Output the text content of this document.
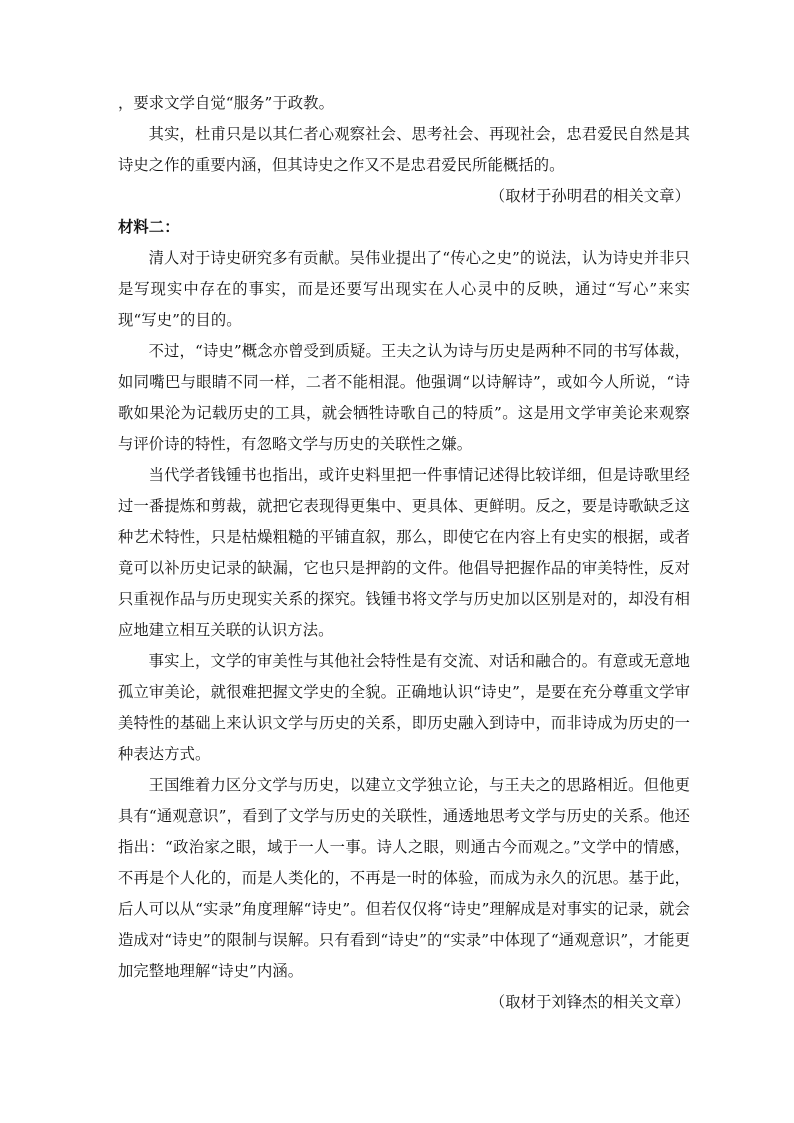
，要求文学自觉“服务”于政教。

其实，杜甫只是以其仁者心观察社会、思考社会、再现社会，忠君爱民自然是其诗史之作的重要内涵，但其诗史之作又不是忠君爱民所能概括的。

（取材于孙明君的相关文章）

材料二：

清人对于诗史研究多有贡献。吴伟业提出了“传心之史”的说法，认为诗史并非只是写现实中存在的事实，而是还要写出现实在人心灵中的反映，通过“写心”来实现“写史”的目的。

不过，“诗史”概念亦曾受到质疑。王夫之认为诗与历史是两种不同的书写体裁，如同嘴巴与眼睛不同一样，二者不能相混。他强调“以诗解诗”，或如今人所说，“诗歌如果沦为记载历史的工具，就会牺牲诗歌自己的特质”。这是用文学审美论来观察与评价诗的特性，有忽略文学与历史的关联性之嫌。

当代学者钱锺书也指出，或许史料里把一件事情记述得比较详细，但是诗歌里经过一番提炼和剪裁，就把它表现得更集中、更具体、更鲜明。反之，要是诗歌缺乏这种艺术特性，只是枯燥粗糙的平铺直叙，那么，即使它在内容上有史实的根据，或者竟可以补历史记录的缺漏，它也只是押韵的文件。他倡导把握作品的审美特性，反对只重视作品与历史现实关系的探究。钱锺书将文学与历史加以区别是对的，却没有相应地建立相互关联的认识方法。

事实上，文学的审美性与其他社会特性是有交流、对话和融合的。有意或无意地孤立审美论，就很难把握文学史的全貌。正确地认识“诗史”，是要在充分尊重文学审美特性的基础上来认识文学与历史的关系，即历史融入到诗中，而非诗成为历史的一种表达方式。

王国维着力区分文学与历史，以建立文学独立论，与王夫之的思路相近。但他更具有“通观意识”，看到了文学与历史的关联性，通透地思考文学与历史的关系。他还指出：“政治家之眼，域于一人一事。诗人之眼，则通古今而观之。”文学中的情感，不再是个人化的，而是人类化的，不再是一时的体验，而成为永久的沉思。基于此，后人可以从“实录”角度理解“诗史”。但若仅仅将“诗史”理解成是对事实的记录，就会造成对“诗史”的限制与误解。只有看到“诗史”的“实录”中体现了“通观意识”，才能更加完整地理解“诗史”内涵。

（取材于刘锋杰的相关文章）
